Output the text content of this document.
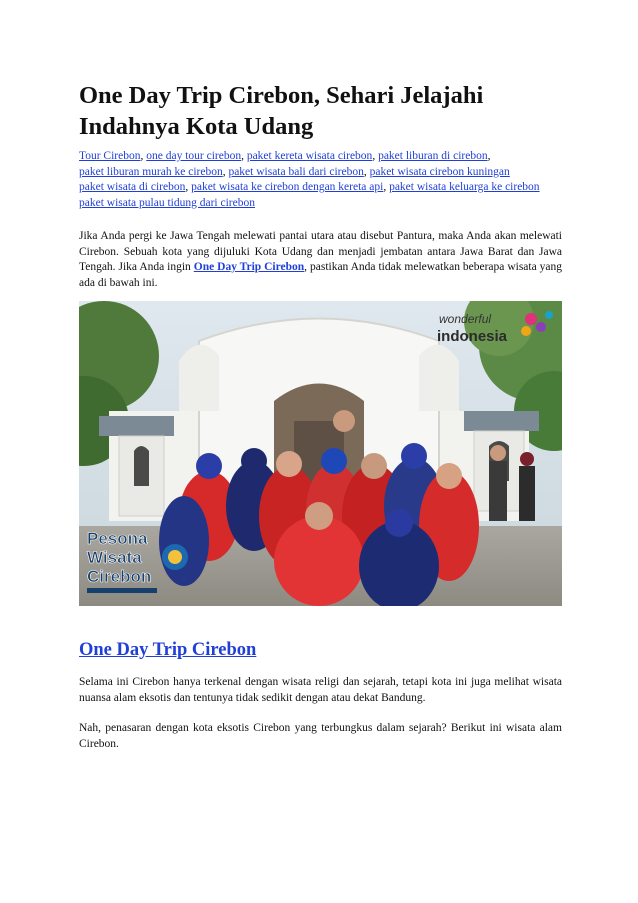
One Day Trip Cirebon, Sehari Jelajahi
Indahnya Kota Udang
Tour Cirebon, one day tour cirebon, paket kereta wisata cirebon, paket liburan di cirebon,
paket liburan murah ke cirebon, paket wisata bali dari cirebon, paket wisata cirebon kuningan
paket wisata di cirebon, paket wisata ke cirebon dengan kereta api, paket wisata keluarga ke cirebon
paket wisata pulau tidung dari cirebon

Jika Anda pergi ke Jawa Tengah melewati pantai utara atau disebut Pantura, maka Anda akan melewati Cirebon. Sebuah kota yang dijuluki Kota Udang dan menjadi jembatan antara Jawa Barat dan Jawa Tengah. Jika Anda ingin One Day Trip Cirebon, pastikan Anda tidak melewatkan beberapa wisata yang ada di bawah ini.

wonderful
indonesia
Pesona
Wisata
Cirebon
One Day Trip Cirebon

Selama ini Cirebon hanya terkenal dengan wisata religi dan sejarah, tetapi kota ini juga melihat wisata nuansa alam eksotis dan tentunya tidak sedikit dengan atau dekat Bandung.

Nah, penasaran dengan kota eksotis Cirebon yang terbungkus dalam sejarah? Berikut ini wisata alam Cirebon.
